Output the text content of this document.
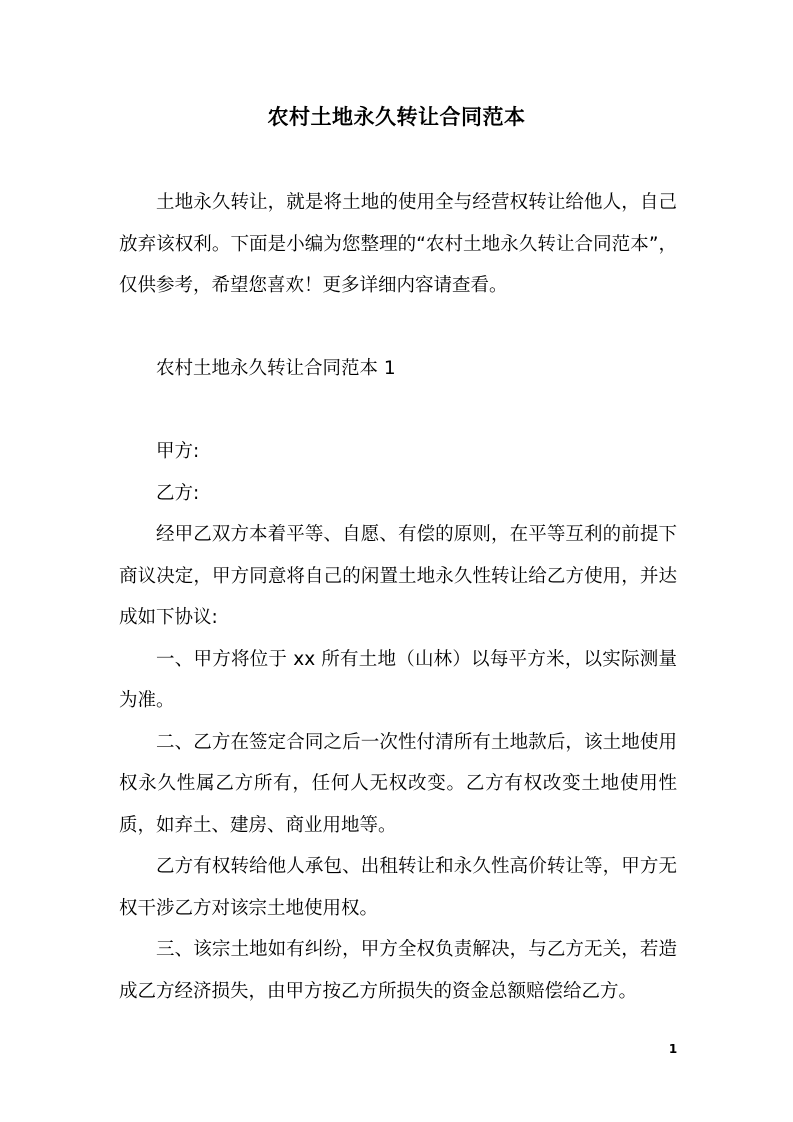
农村土地永久转让合同范本

土地永久转让，就是将土地的使用全与经营权转让给他人，自己放弃该权利。下面是小编为您整理的“农村土地永久转让合同范本”，仅供参考，希望您喜欢！更多详细内容请查看。

农村土地永久转让合同范本 1

甲方:

乙方:

经甲乙双方本着平等、自愿、有偿的原则，在平等互利的前提下商议决定，甲方同意将自己的闲置土地永久性转让给乙方使用，并达成如下协议:

一、甲方将位于 xx 所有土地（山林）以每平方米，以实际测量为准。

二、乙方在签定合同之后一次性付清所有土地款后，该土地使用权永久性属乙方所有，任何人无权改变。乙方有权改变土地使用性质，如弃土、建房、商业用地等。

乙方有权转给他人承包、出租转让和永久性高价转让等，甲方无权干涉乙方对该宗土地使用权。

三、该宗土地如有纠纷，甲方全权负责解决，与乙方无关，若造成乙方经济损失，由甲方按乙方所损失的资金总额赔偿给乙方。

1
